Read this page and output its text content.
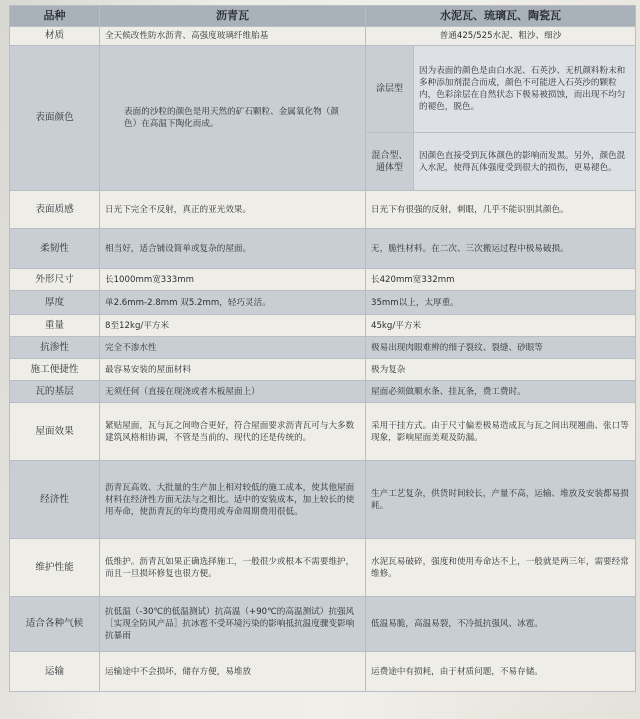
品种	沥青瓦	水泥瓦、琉璃瓦、陶瓷瓦	
材质	全天候改性防水沥青、高强度玻璃纤维胎基	普通425/525水泥、粗沙、细沙	
表面颜色	表面的沙粒的颜色是用天然的矿石颗粒、金属氧化物（颜色）在高温下陶化而成。	涂层型	因为表面的颜色是由白水泥、石英沙、无机颜料粉末和多种添加剂混合而成，颜色不可能进入石英沙的颗粒内，色彩涂层在自然状态下极易被损蚀，而出现不均匀的褪色，脱色。
		混合型、通体型	因颜色直接受到瓦体颜色的影响而发黑。另外，颜色混入水泥，使得瓦体强度受到很大的损伤，更易褪色。
表面质感	日光下完全不反射，真正的亚光效果。	日光下有很强的反射，刺眼，几乎不能识别其颜色。	
柔韧性	相当好，适合铺设简单或复杂的屋面。	无，脆性材料。在二次、三次搬运过程中极易破损。	
外形尺寸	长1000mm宽333mm	长420mm宽332mm	
厚度	单2.6mm-2.8mm 双5.2mm，轻巧灵活。	35mm以上，太厚重。	
重量	8至12kg/平方米	45kg/平方米	
抗渗性	完全不渗水性	极易出现肉眼难辨的细子裂纹、裂缝、砂眼等	
施工便捷性	最容易安装的屋面材料	极为复杂	
瓦的基层	无须任何（直接在现浇或者木板屋面上）	屋面必须做顺水条、挂瓦条，费工费时。	
屋面效果	紧贴屋面，瓦与瓦之间吻合更好，符合屋面要求沥青瓦可与大多数建筑风格相协调，不管是当前的、现代的还是传统的。	采用干挂方式。由于尺寸偏差极易造成瓦与瓦之间出现翘曲、张口等现象，影响屋面美观及防漏。	
经济性	沥青瓦高效、大批量的生产加上相对较低的施工成本，使其他屋面材料在经济性方面无法与之相比。适中的安装成本，加上较长的使用寿命，使沥青瓦的年均费用或寿命周期费用很低。	生产工艺复杂，供货时间较长，产量不高，运输、堆放及安装都易损耗。	
维护性能	低维护。沥青瓦如果正确选择施工，一般很少或根本不需要维护，而且一旦损坏修复也很方便。	水泥瓦易破碎，强度和使用寿命达不上，一般就是两三年，需要经常维修。	
适合各种气候	抗低温（-30℃的低温测试）抗高温（+90℃的高温测试）抗强风［实现全防风产品］抗冰雹不受环境污染的影响抵抗温度骤变影响抗暴雨	低温易脆，高温易裂，不冷抵抗强风、冰雹。	
运输	运输途中不会损坏，储存方便，易堆放	运费途中有损耗，由于材质问题，不易存储。	
